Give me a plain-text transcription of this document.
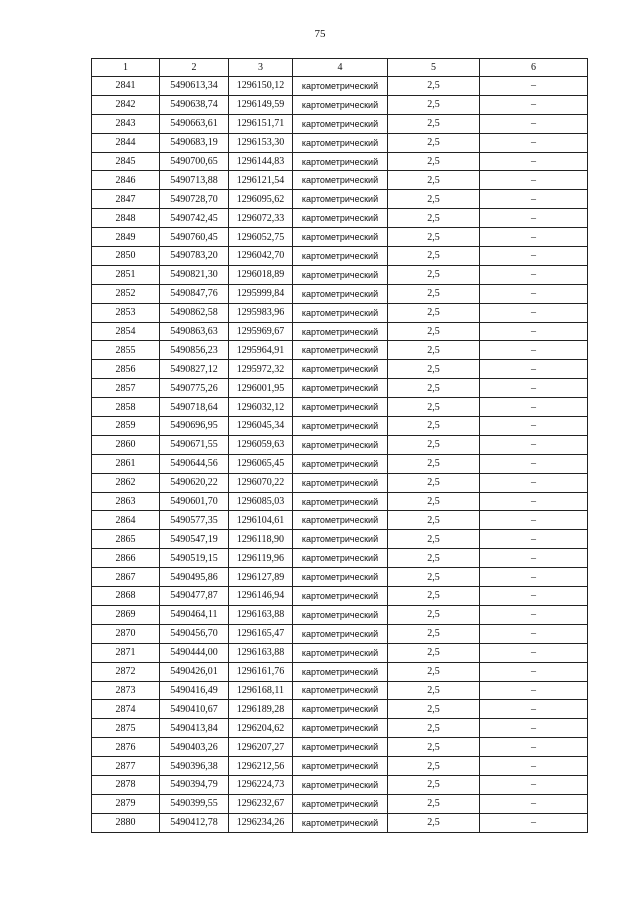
75
1	2	3	4	5	6
2841	5490613,34	1296150,12	картометрический	2,5	–
2842	5490638,74	1296149,59	картометрический	2,5	–
2843	5490663,61	1296151,71	картометрический	2,5	–
2844	5490683,19	1296153,30	картометрический	2,5	–
2845	5490700,65	1296144,83	картометрический	2,5	–
2846	5490713,88	1296121,54	картометрический	2,5	–
2847	5490728,70	1296095,62	картометрический	2,5	–
2848	5490742,45	1296072,33	картометрический	2,5	–
2849	5490760,45	1296052,75	картометрический	2,5	–
2850	5490783,20	1296042,70	картометрический	2,5	–
2851	5490821,30	1296018,89	картометрический	2,5	–
2852	5490847,76	1295999,84	картометрический	2,5	–
2853	5490862,58	1295983,96	картометрический	2,5	–
2854	5490863,63	1295969,67	картометрический	2,5	–
2855	5490856,23	1295964,91	картометрический	2,5	–
2856	5490827,12	1295972,32	картометрический	2,5	–
2857	5490775,26	1296001,95	картометрический	2,5	–
2858	5490718,64	1296032,12	картометрический	2,5	–
2859	5490696,95	1296045,34	картометрический	2,5	–
2860	5490671,55	1296059,63	картометрический	2,5	–
2861	5490644,56	1296065,45	картометрический	2,5	–
2862	5490620,22	1296070,22	картометрический	2,5	–
2863	5490601,70	1296085,03	картометрический	2,5	–
2864	5490577,35	1296104,61	картометрический	2,5	–
2865	5490547,19	1296118,90	картометрический	2,5	–
2866	5490519,15	1296119,96	картометрический	2,5	–
2867	5490495,86	1296127,89	картометрический	2,5	–
2868	5490477,87	1296146,94	картометрический	2,5	–
2869	5490464,11	1296163,88	картометрический	2,5	–
2870	5490456,70	1296165,47	картометрический	2,5	–
2871	5490444,00	1296163,88	картометрический	2,5	–
2872	5490426,01	1296161,76	картометрический	2,5	–
2873	5490416,49	1296168,11	картометрический	2,5	–
2874	5490410,67	1296189,28	картометрический	2,5	–
2875	5490413,84	1296204,62	картометрический	2,5	–
2876	5490403,26	1296207,27	картометрический	2,5	–
2877	5490396,38	1296212,56	картометрический	2,5	–
2878	5490394,79	1296224,73	картометрический	2,5	–
2879	5490399,55	1296232,67	картометрический	2,5	–
2880	5490412,78	1296234,26	картометрический	2,5	–
